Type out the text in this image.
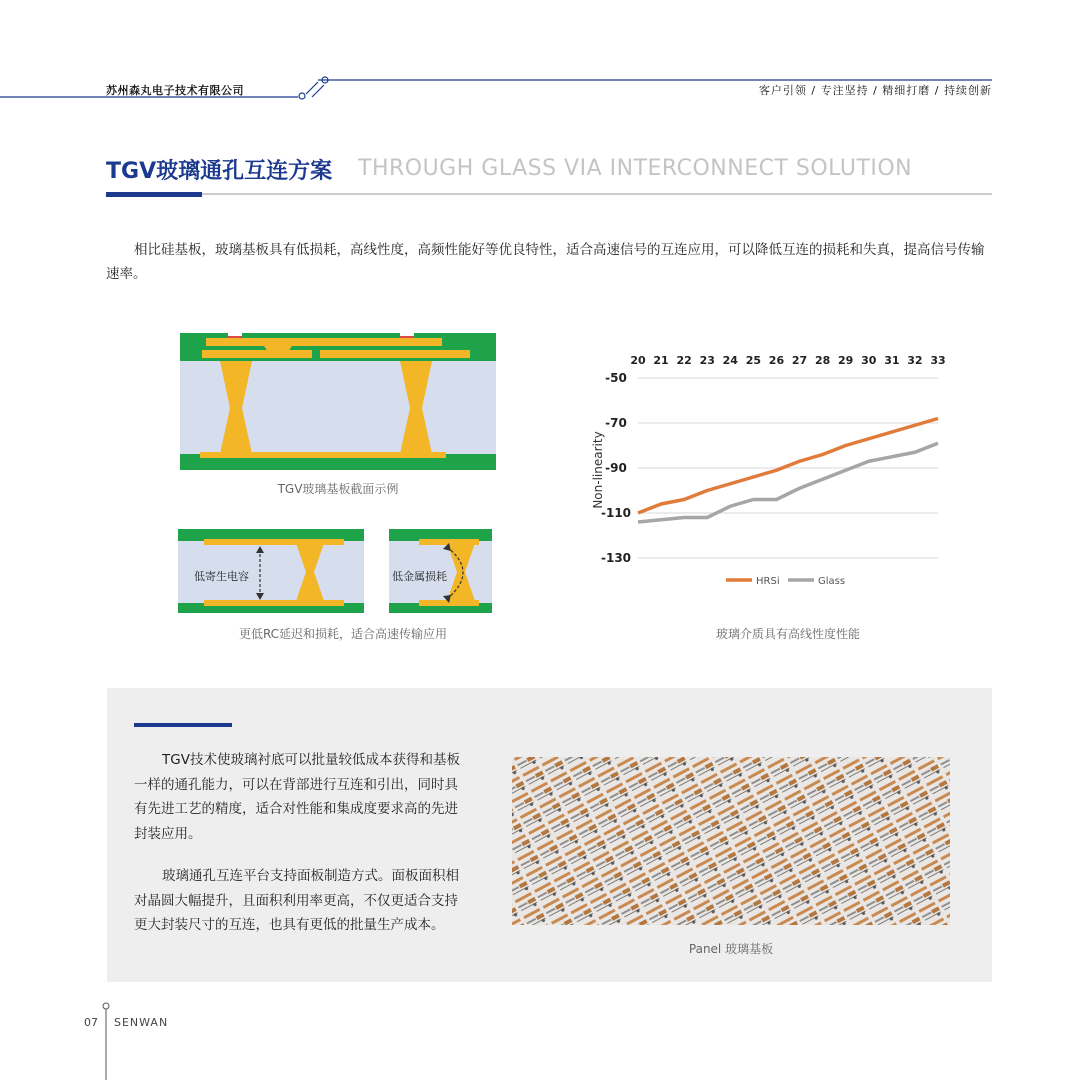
苏州森丸电子技术有限公司	客户引领 / 专注坚持 / 精细打磨 / 持续创新
TGV玻璃通孔互连方案 THROUGH GLASS VIA INTERCONNECT SOLUTION
相比硅基板，玻璃基板具有低损耗，高线性度，高频性能好等优良特性，适合高速信号的互连应用，可以降低互连的损耗和失真，提高信号传输速率。
TGV玻璃基板截面示例
低寄生电容	低金属损耗
更低RC延迟和损耗，适合高速传输应用
20 21 22 23 24 25 26 27 28 29 30 31 32 33
-50
-70
-90
-110
-130
HRSi	Glass
Non-linearity
玻璃介质具有高线性度性能
TGV技术使玻璃衬底可以批量较低成本获得和基板一样的通孔能力，可以在背部进行互连和引出，同时具有先进工艺的精度，适合对性能和集成度要求高的先进封装应用。
玻璃通孔互连平台支持面板制造方式。面板面积相对晶圆大幅提升，且面积利用率更高，不仅更适合支持更大封装尺寸的互连，也具有更低的批量生产成本。
Panel 玻璃基板
07 SENWAN
